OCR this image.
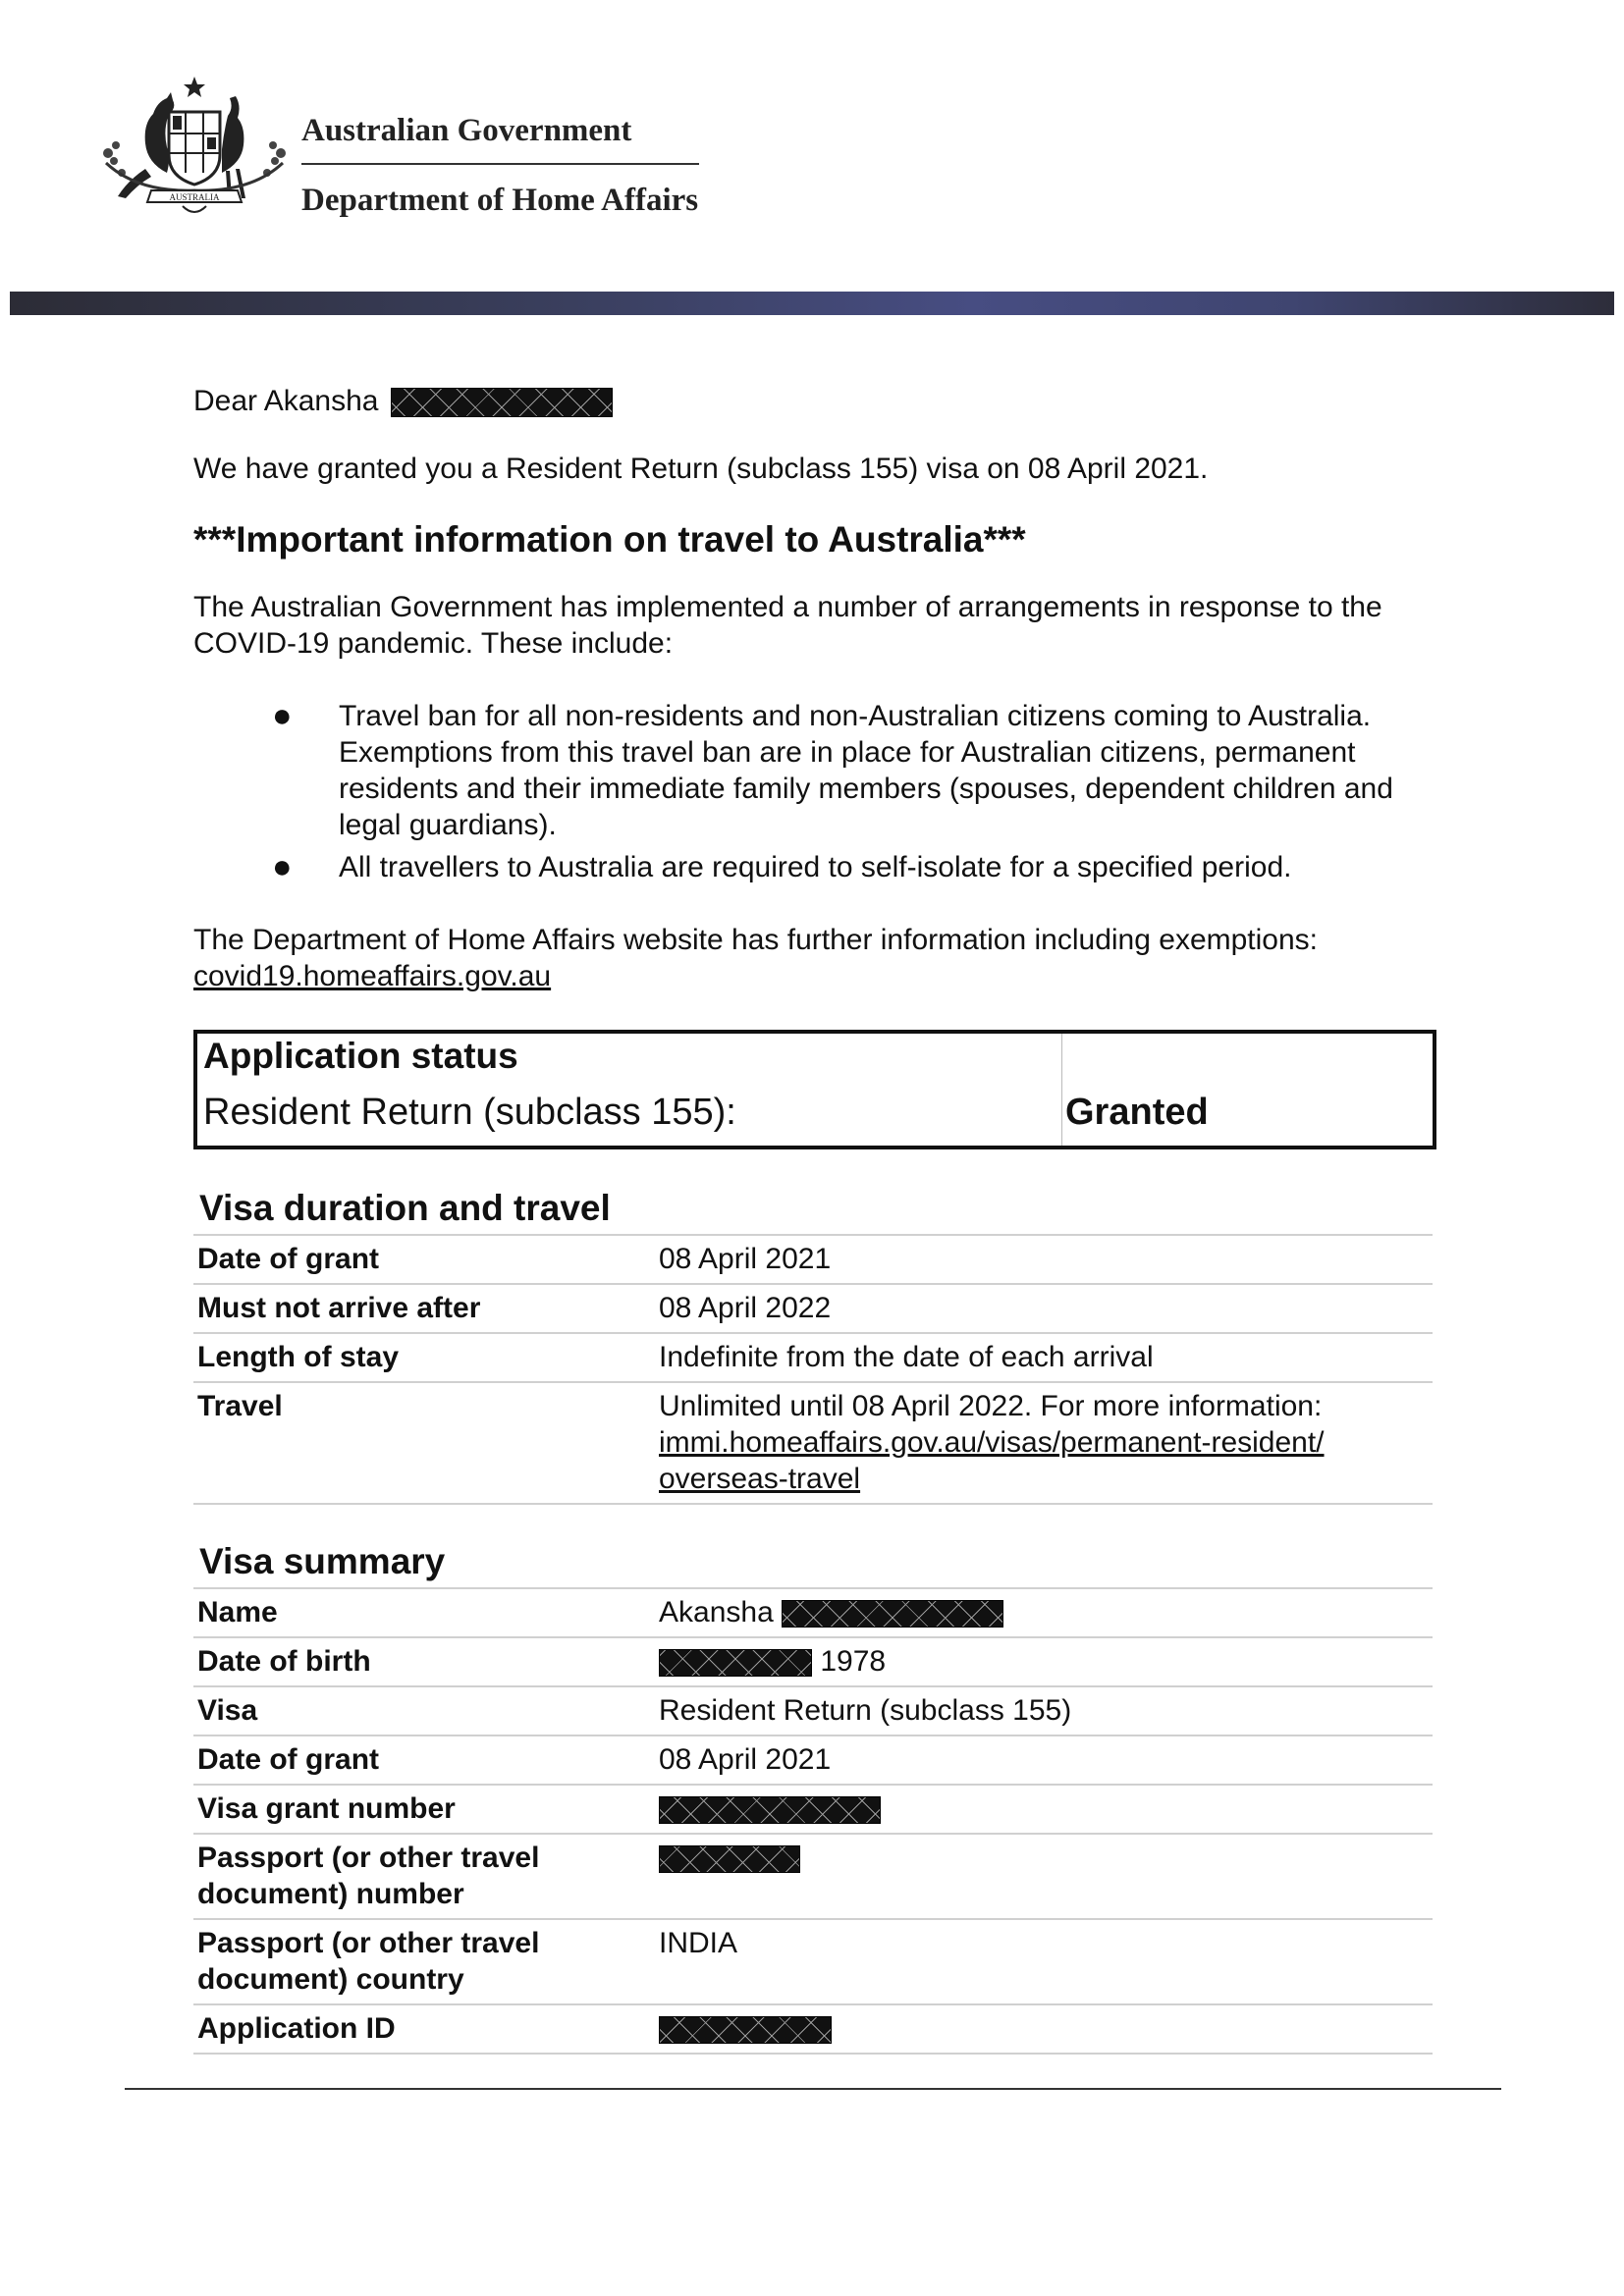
AUSTRALIA
Australian Government
Department of Home Affairs

Dear Akansha

We have granted you a Resident Return (subclass 155) visa on 08 April 2021.

***Important information on travel to Australia***

The Australian Government has implemented a number of arrangements in response to the COVID-19 pandemic. These include:

● Travel ban for all non-residents and non-Australian citizens coming to Australia. Exemptions from this travel ban are in place for Australian citizens, permanent residents and their immediate family members (spouses, dependent children and legal guardians).
● All travellers to Australia are required to self-isolate for a specified period.

The Department of Home Affairs website has further information including exemptions:
covid19.homeaffairs.gov.au

Application status
Resident Return (subclass 155):	Granted
Visa duration and travel
Date of grant	08 April 2021
Must not arrive after	08 April 2022
Length of stay	Indefinite from the date of each arrival
Travel	Unlimited until 08 April 2022. For more information:
immi.homeaffairs.gov.au/visas/permanent-resident/
overseas-travel
Visa summary
Name	Akansha
Date of birth	1978
Visa	Resident Return (subclass 155)
Date of grant	08 April 2021
Visa grant number	
Passport (or other travel document) number	
Passport (or other travel document) country	INDIA
Application ID	
